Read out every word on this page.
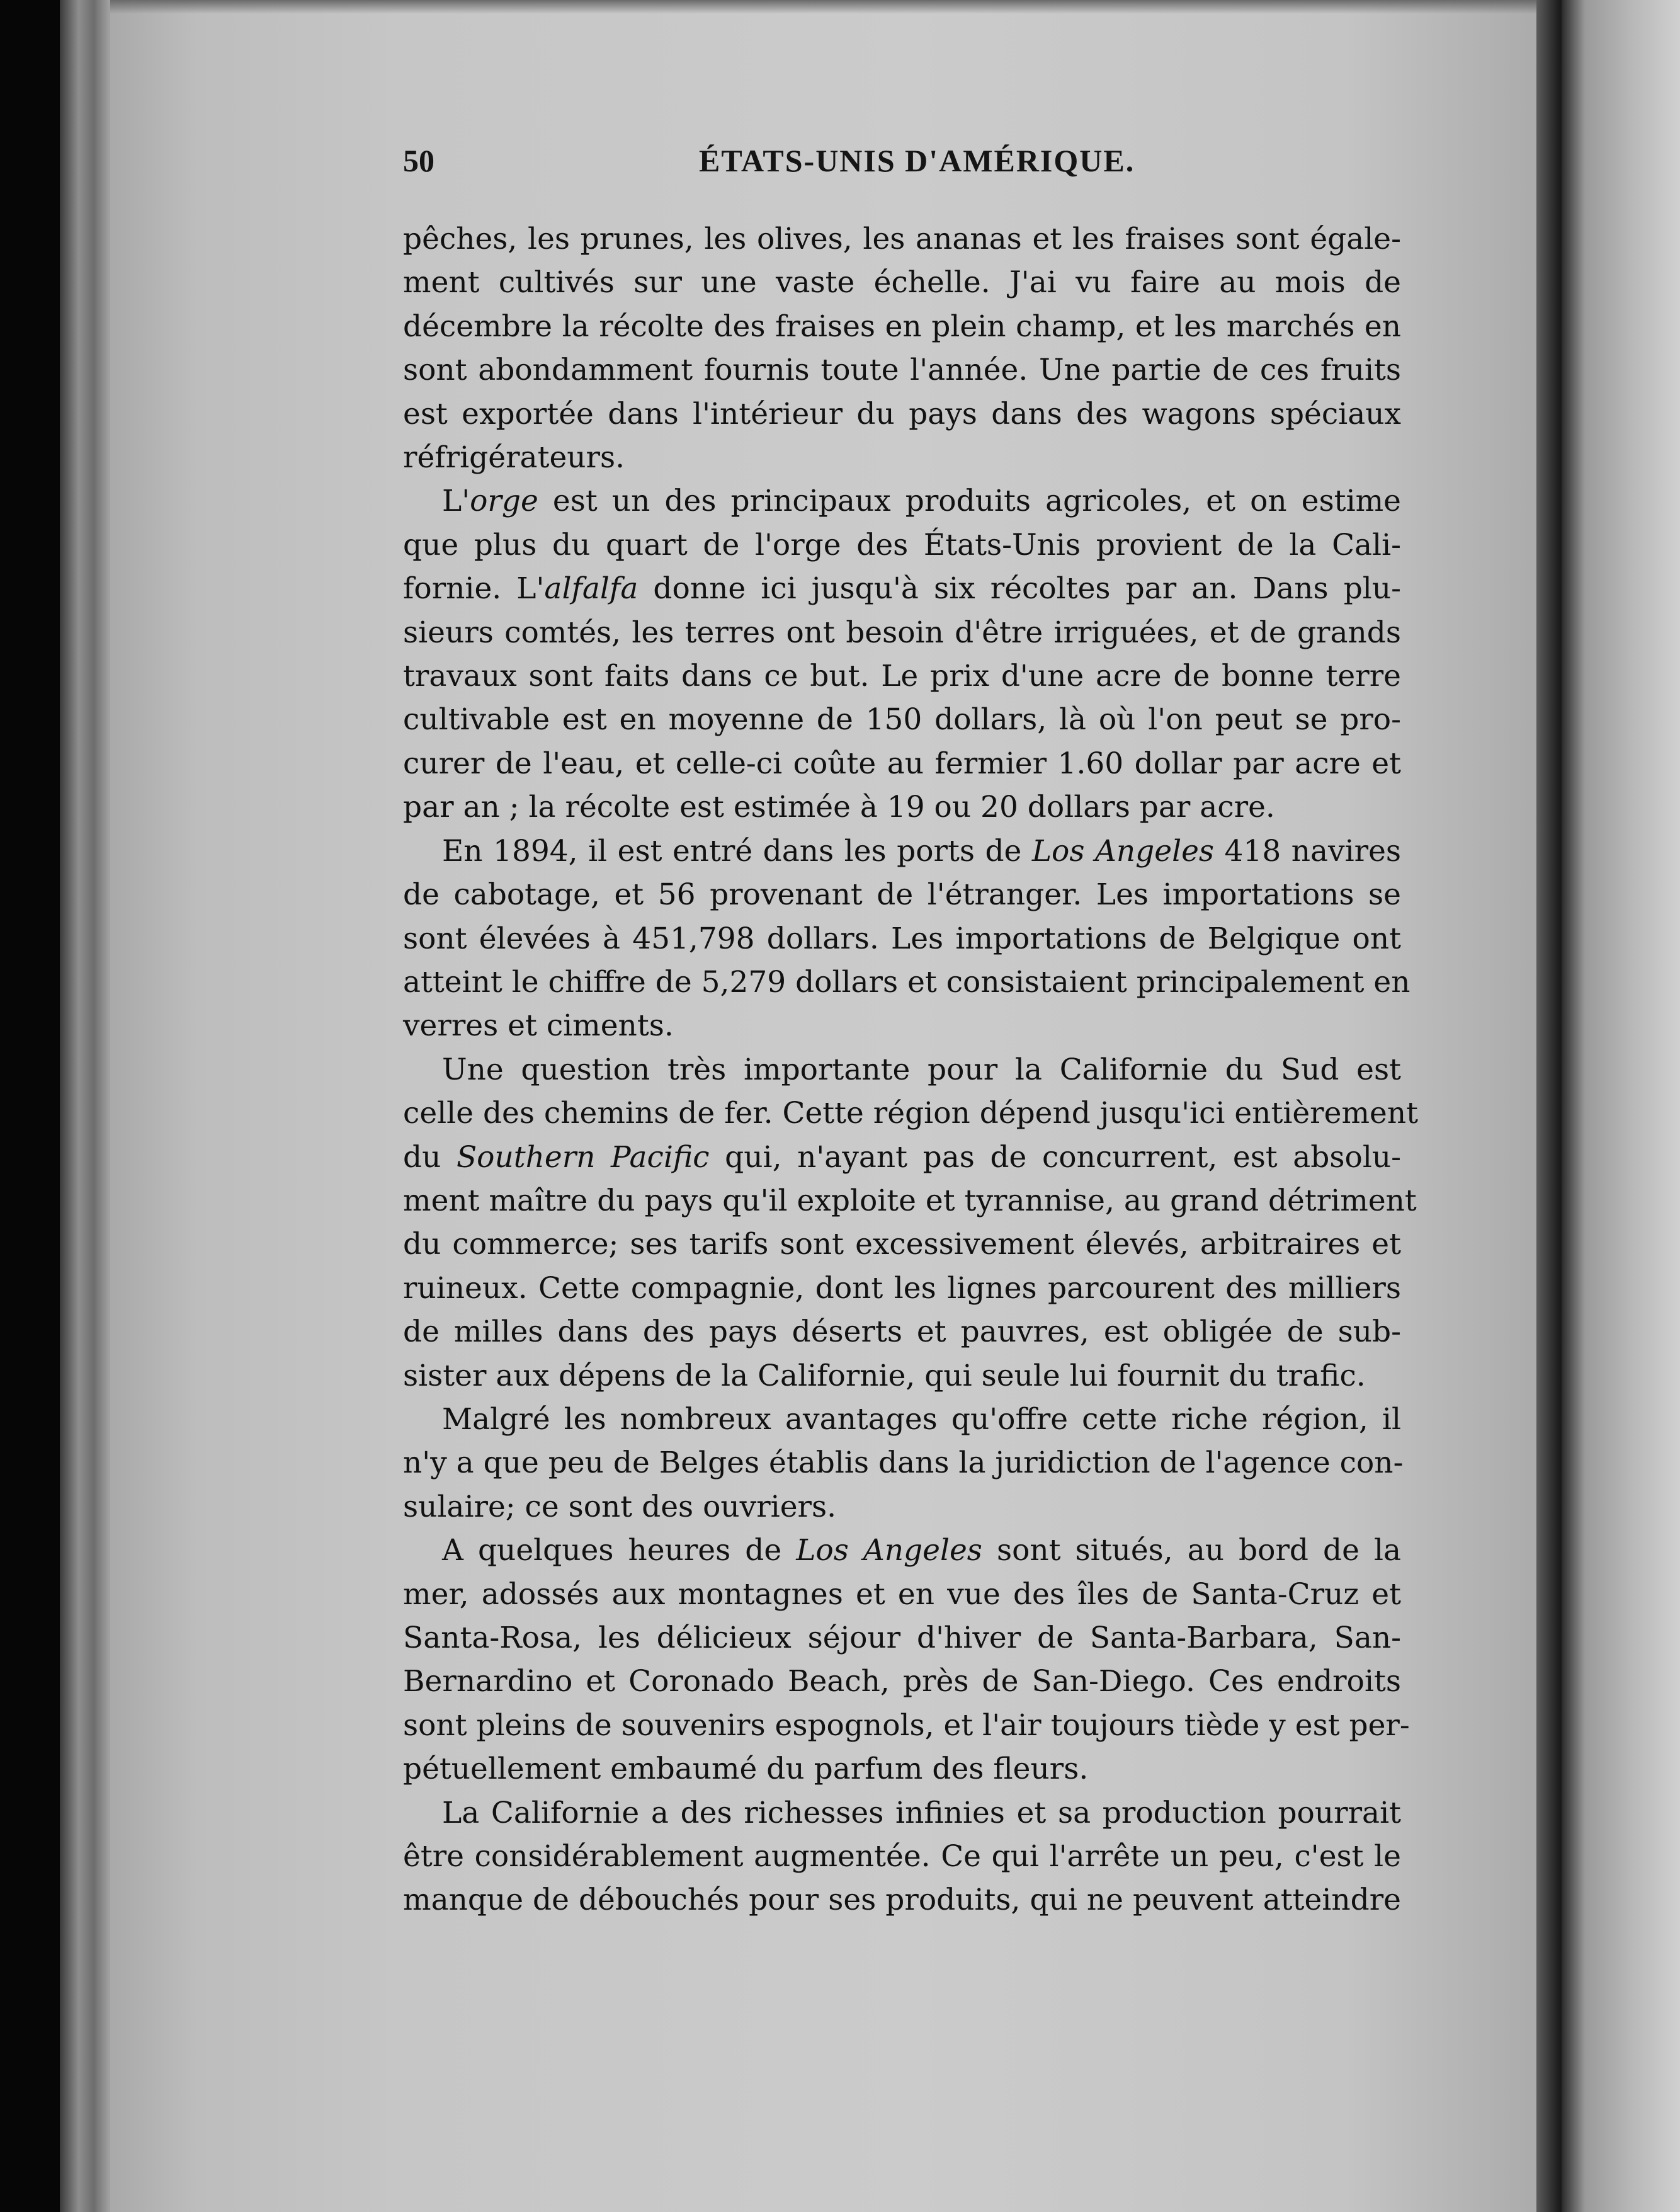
50	ÉTATS-UNIS D'AMÉRIQUE.
pêches, les prunes, les olives, les ananas et les fraises sont égale-
ment cultivés sur une vaste échelle. J'ai vu faire au mois de
décembre la récolte des fraises en plein champ, et les marchés en
sont abondamment fournis toute l'année. Une partie de ces fruits
est exportée dans l'intérieur du pays dans des wagons spéciaux
réfrigérateurs.
L'orge est un des principaux produits agricoles, et on estime
que plus du quart de l'orge des États-Unis provient de la Cali-
fornie. L'alfalfa donne ici jusqu'à six récoltes par an. Dans plu-
sieurs comtés, les terres ont besoin d'être irriguées, et de grands
travaux sont faits dans ce but. Le prix d'une acre de bonne terre
cultivable est en moyenne de 150 dollars, là où l'on peut se pro-
curer de l'eau, et celle-ci coûte au fermier 1.60 dollar par acre et
par an ; la récolte est estimée à 19 ou 20 dollars par acre.
En 1894, il est entré dans les ports de Los Angeles 418 navires
de cabotage, et 56 provenant de l'étranger. Les importations se
sont élevées à 451,798 dollars. Les importations de Belgique ont
atteint le chiffre de 5,279 dollars et consistaient principalement en
verres et ciments.
Une question très importante pour la Californie du Sud est
celle des chemins de fer. Cette région dépend jusqu'ici entièrement
du Southern Pacific qui, n'ayant pas de concurrent, est absolu-
ment maître du pays qu'il exploite et tyrannise, au grand détriment
du commerce; ses tarifs sont excessivement élevés, arbitraires et
ruineux. Cette compagnie, dont les lignes parcourent des milliers
de milles dans des pays déserts et pauvres, est obligée de sub-
sister aux dépens de la Californie, qui seule lui fournit du trafic.
Malgré les nombreux avantages qu'offre cette riche région, il
n'y a que peu de Belges établis dans la juridiction de l'agence con-
sulaire; ce sont des ouvriers.
A quelques heures de Los Angeles sont situés, au bord de la
mer, adossés aux montagnes et en vue des îles de Santa-Cruz et
Santa-Rosa, les délicieux séjour d'hiver de Santa-Barbara, San-
Bernardino et Coronado Beach, près de San-Diego. Ces endroits
sont pleins de souvenirs espognols, et l'air toujours tiède y est per-
pétuellement embaumé du parfum des fleurs.
La Californie a des richesses infinies et sa production pourrait
être considérablement augmentée. Ce qui l'arrête un peu, c'est le
manque de débouchés pour ses produits, qui ne peuvent atteindre
